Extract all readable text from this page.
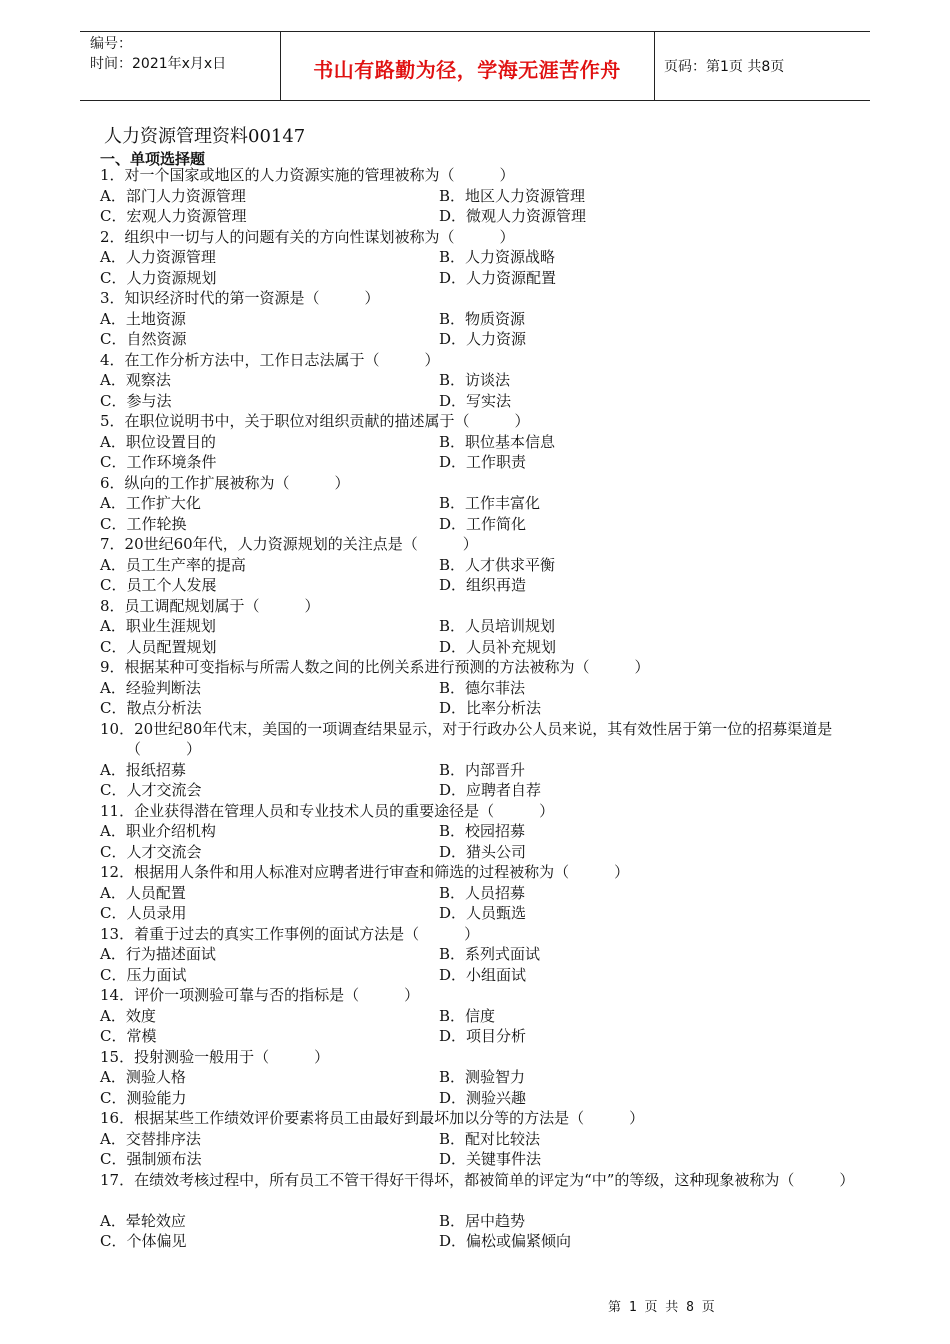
编号：
时间：2021年x月x日	书山有路勤为径，学海无涯苦作舟	页码：第1页 共8页
人力资源管理资料00147
一、单项选择题
1．对一个国家或地区的人力资源实施的管理被称为（　　　）
A．部门人力资源管理	B．地区人力资源管理
C．宏观人力资源管理	D．微观人力资源管理
2．组织中一切与人的问题有关的方向性谋划被称为（　　　）
A．人力资源管理	B．人力资源战略
C．人力资源规划	D．人力资源配置
3．知识经济时代的第一资源是（　　　）
A．土地资源	B．物质资源
C．自然资源	D．人力资源
4．在工作分析方法中，工作日志法属于（　　　）
A．观察法	B．访谈法
C．参与法	D．写实法
5．在职位说明书中，关于职位对组织贡献的描述属于（　　　）
A．职位设置目的	B．职位基本信息
C．工作环境条件	D．工作职责
6．纵向的工作扩展被称为（　　　）
A．工作扩大化	B．工作丰富化
C．工作轮换	D．工作简化
7．20世纪60年代，人力资源规划的关注点是（　　　）
A．员工生产率的提高	B．人才供求平衡
C．员工个人发展	D．组织再造
8．员工调配规划属于（　　　）
A．职业生涯规划	B．人员培训规划
C．人员配置规划	D．人员补充规划
9．根据某种可变指标与所需人数之间的比例关系进行预测的方法被称为（　　　）
A．经验判断法	B．德尔菲法
C．散点分析法	D．比率分析法
10．20世纪80年代末，美国的一项调查结果显示，对于行政办公人员来说，其有效性居于第一位的招募渠道是（　　　）
A．报纸招募	B．内部晋升
C．人才交流会	D．应聘者自荐
11．企业获得潜在管理人员和专业技术人员的重要途径是（　　　）
A．职业介绍机构	B．校园招募
C．人才交流会	D．猎头公司
12．根据用人条件和用人标准对应聘者进行审查和筛选的过程被称为（　　　）
A．人员配置	B．人员招募
C．人员录用	D．人员甄选
13．着重于过去的真实工作事例的面试方法是（　　　）
A．行为描述面试	B．系列式面试
C．压力面试	D．小组面试
14．评价一项测验可靠与否的指标是（　　　）
A．效度	B．信度
C．常模	D．项目分析
15．投射测验一般用于（　　　）
A．测验人格	B．测验智力
C．测验能力	D．测验兴趣
16．根据某些工作绩效评价要素将员工由最好到最坏加以分等的方法是（　　　）
A．交替排序法	B．配对比较法
C．强制颁布法	D．关键事件法
17．在绩效考核过程中，所有员工不管干得好干得坏，都被简单的评定为“中”的等级，这种现象被称为（　　　）
A．晕轮效应	B．居中趋势
C．个体偏见	D．偏松或偏紧倾向
第 1 页 共 8 页
